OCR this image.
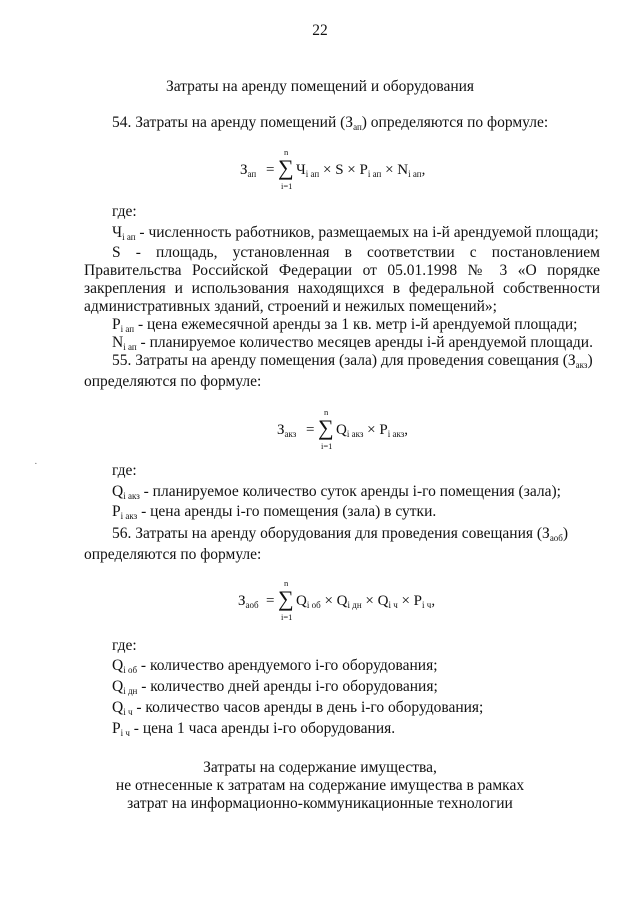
22
Затраты на аренду помещений и оборудования
54. Затраты на аренду помещений $(З_{ап})$ определяются по формуле:
$З_{ап}$ =
n
∑
i=1
$Ч_{i ап} \times S \times P_{i ап} \times N_{i ап}$,
где:
$Ч_{i ап}$ - численность работников, размещаемых на i-й арендуемой площади;
S - площадь, установленная в соответствии с постановлением
Правительства Российской Федерации от 05.01.1998 № 3 «О порядке
закрепления и использования находящихся в федеральной собственности
административных зданий, строений и нежилых помещений»;
$P_{i ап}$ - цена ежемесячной аренды за 1 кв. метр i-й арендуемой площади;
$N_{i ап}$ - планируемое количество месяцев аренды i-й арендуемой площади.
55. Затраты на аренду помещения (зала) для проведения совещания $(З_{акз})$
определяются по формуле:
$З_{акз}$ =
n
∑
i=1
$Q_{i акз} \times P_{i акз}$,
где:
$Q_{i акз}$ - планируемое количество суток аренды i-го помещения (зала);
$P_{i акз}$ - цена аренды i-го помещения (зала) в сутки.
56. Затраты на аренду оборудования для проведения совещания $(З_{аоб})$
определяются по формуле:
$З_{аоб}$ =
n
∑
i=1
$Q_{i об} \times Q_{i дн} \times Q_{i ч} \times P_{i ч}$,
где:
$Q_{i об}$ - количество арендуемого i-го оборудования;
$Q_{i дн}$ - количество дней аренды i-го оборудования;
$Q_{i ч}$ - количество часов аренды в день i-го оборудования;
$P_{i ч}$ - цена 1 часа аренды i-го оборудования.
Затраты на содержание имущества,
не отнесенные к затратам на содержание имущества в рамках
затрат на информационно-коммуникационные технологии
·
